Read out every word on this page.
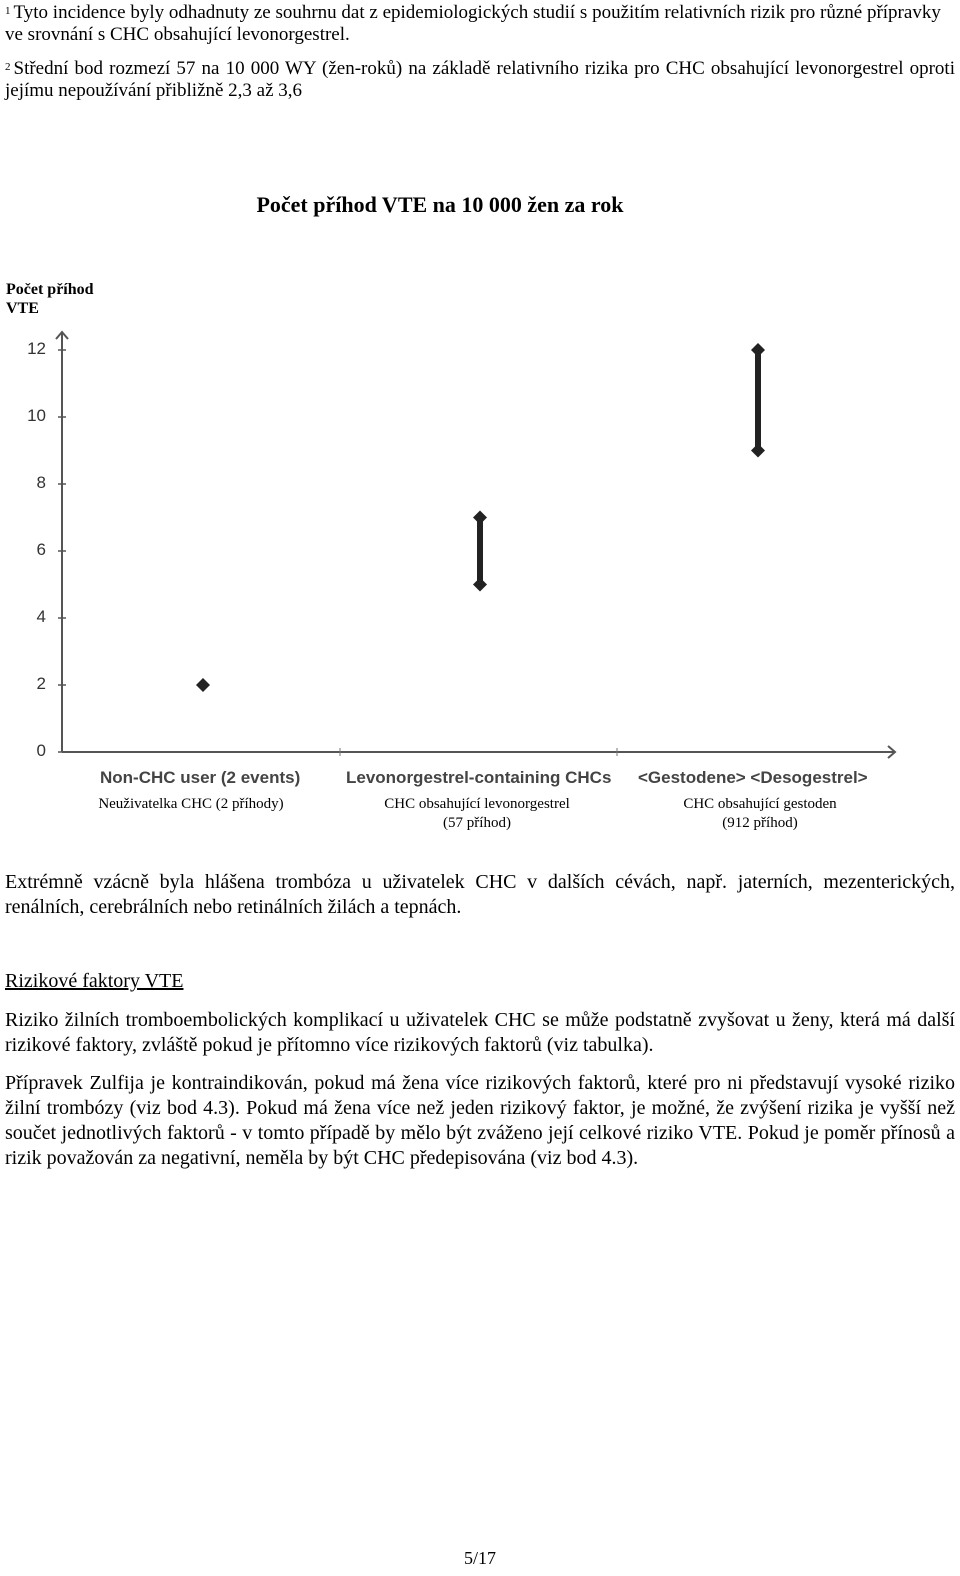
$^1$ Tyto incidence byly odhadnuty ze souhrnu dat z epidemiologických studií s použitím relativních rizik pro různé přípravky ve srovnání s CHC obsahující levonorgestrel.
$^2$ Střední bod rozmezí 57 na 10 000 WY (žen-roků) na základě relativního rizika pro CHC obsahující levonorgestrel oproti jejímu nepoužívání přibližně 2,3 až 3,6
Počet příhod VTE na 10 000 žen za rok
Počet příhod VTE
0
2
4
6
8
10
12
Non-CHC user (2 events)	Levonorgestrel-containing CHCs <Gestodene> <Desogestrel>
Neuživatelka CHC (2 příhody)	CHC obsahující levonorgestrel
(57 příhod)
CHC obsahující gestoden
(912 příhod)
Extrémně vzácně byla hlášena trombóza u uživatelek CHC v dalších cévách, např. jaterních, mezenterických, renálních, cerebrálních nebo retinálních žilách a tepnách.
Rizikové faktory VTE
Riziko žilních tromboembolických komplikací u uživatelek CHC se může podstatně zvyšovat u ženy, která má další rizikové faktory, zvláště pokud je přítomno více rizikových faktorů (viz tabulka).
Přípravek Zulfija je kontraindikován, pokud má žena více rizikových faktorů, které pro ni představují vysoké riziko žilní trombózy (viz bod 4.3). Pokud má žena více než jeden rizikový faktor, je možné, že zvýšení rizika je vyšší než součet jednotlivých faktorů - v tomto případě by mělo být zváženo její celkové riziko VTE. Pokud je poměr přínosů a rizik považován za negativní, neměla by být CHC předepisována (viz bod 4.3).
5/17
